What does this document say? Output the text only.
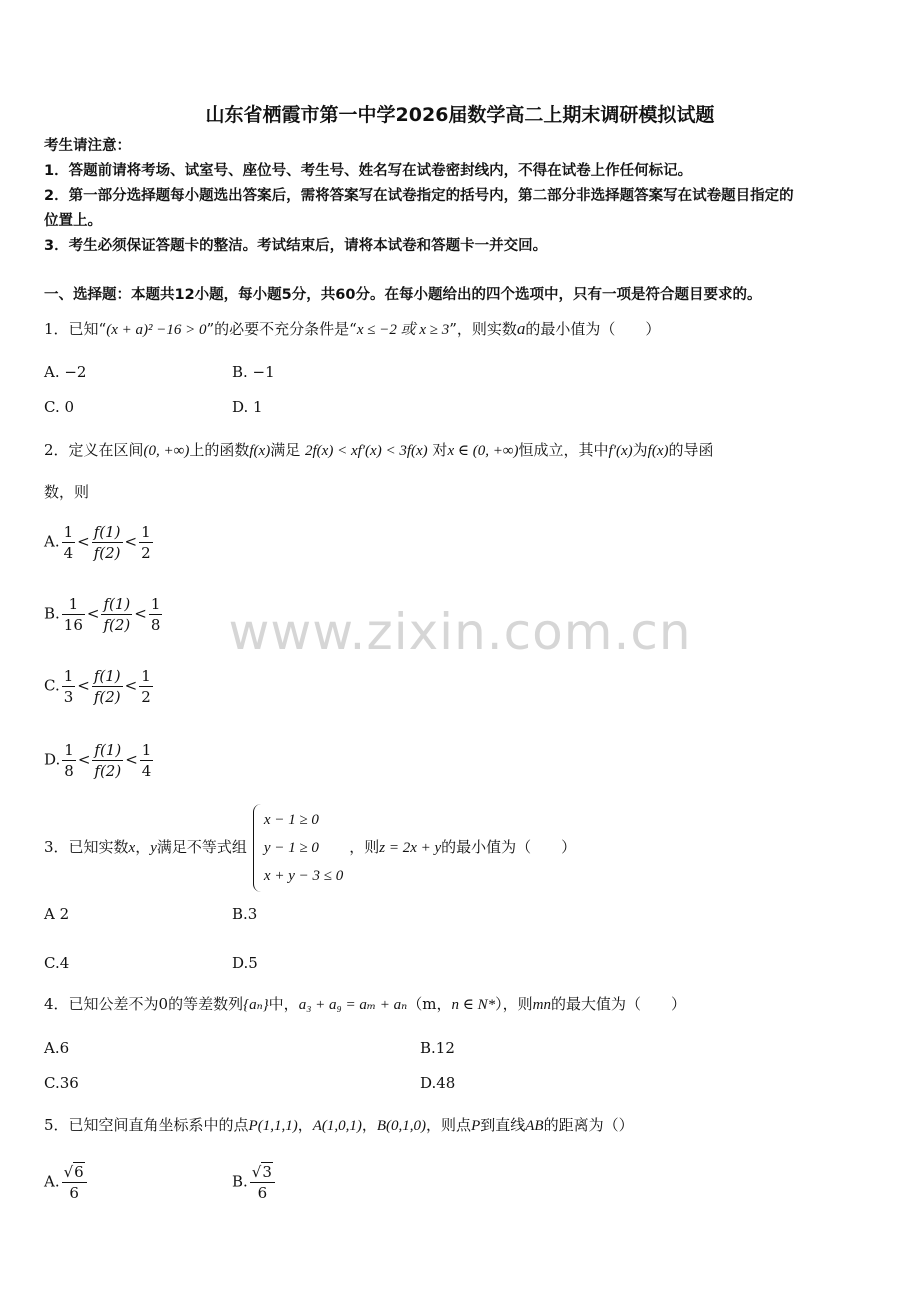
山东省栖霞市第一中学2026届数学高二上期末调研模拟试题
考生请注意：
1．答题前请将考场、试室号、座位号、考生号、姓名写在试卷密封线内，不得在试卷上作任何标记。
2．第一部分选择题每小题选出答案后，需将答案写在试卷指定的括号内，第二部分非选择题答案写在试卷题目指定的
位置上。
3．考生必须保证答题卡的整洁。考试结束后，请将本试卷和答题卡一并交回。
一、选择题：本题共12小题，每小题5分，共60分。在每小题给出的四个选项中，只有一项是符合题目要求的。
www.zixin.com.cn
1．已知“(x + a)² −16 > 0”的必要不充分条件是“x ≤ −2 或 x ≥ 3”，则实数a的最小值为（　　）
A. −2	B. −1
C. 0	D. 1
2．定义在区间(0, +∞)上的函数f(x)满足 2f(x) < xf′(x) < 3f(x) 对x ∈ (0, +∞)恒成立，其中f′(x)为f(x)的导函
数，则
A. $\frac{1}{4} < \frac{f(1)}{f(2)} < \frac{1}{2}$
B. $\frac{1}{16} < \frac{f(1)}{f(2)} < \frac{1}{8}$
C. $\frac{1}{3} < \frac{f(1)}{f(2)} < \frac{1}{2}$
D. $\frac{1}{8} < \frac{f(1)}{f(2)} < \frac{1}{4}$
3．已知实数x，y满足不等式组
x − 1 ≥ 0
y − 1 ≥ 0
x + y − 3 ≤ 0
，则z = 2x + y的最小值为（　　）
A 2	B.3
C.4	D.5
4．已知公差不为0的等差数列{aₙ}中，a₃ + a₉ = aₘ + aₙ（m，n ∈ N*），则mn的最大值为（　　）
A.6	B.12
C.36	D.48
5．已知空间直角坐标系中的点P(1,1,1)，A(1,0,1)，B(0,1,0)，则点P到直线AB的距离为（）
A. $\frac{√6}{6}$	B. $\frac{√3}{6}$
